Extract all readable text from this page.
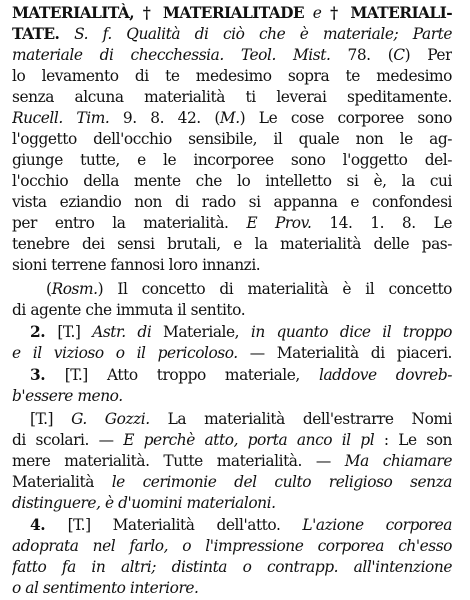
MATERIALITÀ, † MATERIALITADE e † MATERIALI-
TATE. S. f. Qualità di ciò che è materiale; Parte
materiale di checchessia. Teol. Mist. 78. (C) Per
lo levamento di te medesimo sopra te medesimo
senza alcuna materialità ti leverai speditamente.
Rucell. Tim. 9. 8. 42. (M.) Le cose corporee sono
l'oggetto dell'occhio sensibile, il quale non le ag-
giunge tutte, e le incorporee sono l'oggetto del-
l'occhio della mente che lo intelletto si è, la cui
vista eziandio non di rado si appanna e confondesi
per entro la materialità. E Prov. 14. 1. 8. Le
tenebre dei sensi brutali, e la materialità delle pas-
sioni terrene fannosi loro innanzi.
(Rosm.) Il concetto di materialità è il concetto
di agente che immuta il sentito.
2. [T.] Astr. di Materiale, in quanto dice il troppo
e il vizioso o il pericoloso. — Materialità di piaceri.
3. [T.] Atto troppo materiale, laddove dovreb-
b'essere meno.
[T.] G. Gozzi. La materialità dell'estrarre Nomi
di scolari. — E perchè atto, porta anco il pl : Le son
mere materialità. Tutte materialità. — Ma chiamare
Materialità le cerimonie del culto religioso senza
distinguere, è d'uomini materialoni.
4. [T.] Materialità dell'atto. L'azione corporea
adoprata nel farlo, o l'impressione corporea ch'esso
fatto fa in altri; distinta o contrapp. all'intenzione
o al sentimento interiore.
